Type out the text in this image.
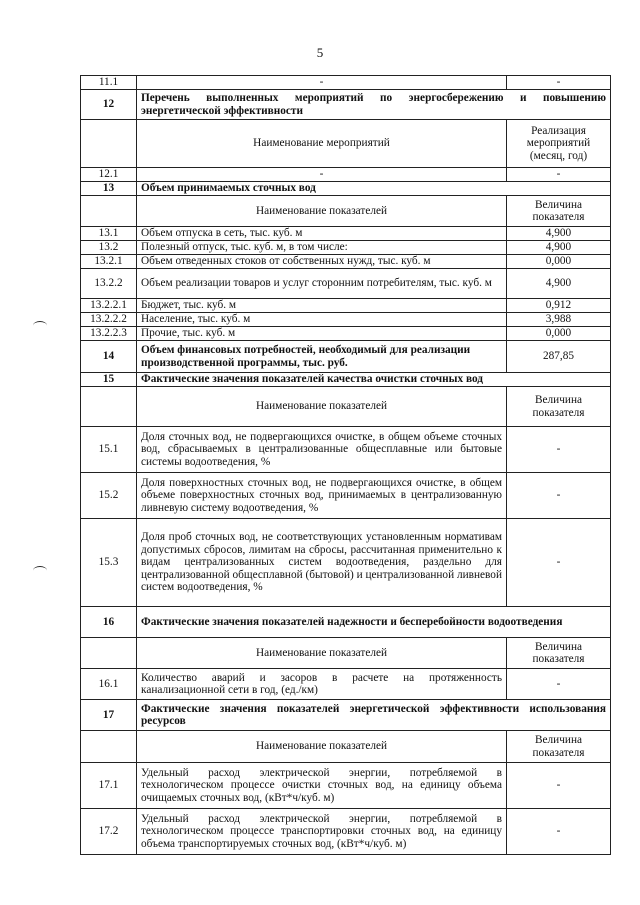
5
11.1	-	-
12	Перечень выполненных мероприятий по энергосбережению и повышению энергетической эффективности	
	Наименование мероприятий	Реализация мероприятий (месяц, год)
12.1	-	-
13	Объем принимаемых сточных вод	
	Наименование показателей	Величина показателя
13.1	Объем отпуска в сеть, тыс. куб. м	4,900
13.2	Полезный отпуск, тыс. куб. м, в том числе:	4,900
13.2.1	Объем отведенных стоков от собственных нужд, тыс. куб. м	0,000
13.2.2	Объем реализации товаров и услуг сторонним потребителям, тыс. куб. м	4,900
13.2.2.1	Бюджет, тыс. куб. м	0,912
13.2.2.2	Население, тыс. куб. м	3,988
13.2.2.3	Прочие, тыс. куб. м	0,000
14	Объем финансовых потребностей, необходимый для реализации производственной программы, тыс. руб.	287,85
15	Фактические значения показателей качества очистки сточных вод	
	Наименование показателей	Величина показателя
15.1	Доля сточных вод, не подвергающихся очистке, в общем объеме сточных вод, сбрасываемых в централизованные общесплавные или бытовые системы водоотведения, %	-
15.2	Доля поверхностных сточных вод, не подвергающихся очистке, в общем объеме поверхностных сточных вод, принимаемых в централизованную ливневую систему водоотведения, %	-
15.3	Доля проб сточных вод, не соответствующих установленным нормативам допустимых сбросов, лимитам на сбросы, рассчитанная применительно к видам централизованных систем водоотведения, раздельно для централизованной общесплавной (бытовой) и централизованной ливневой систем водоотведения, %	-
16	Фактические значения показателей надежности и бесперебойности водоотведения	
	Наименование показателей	Величина показателя
16.1	Количество аварий и засоров в расчете на протяженность канализационной сети в год, (ед./км)	-
17	Фактические значения показателей энергетической эффективности использования ресурсов	
	Наименование показателей	Величина показателя
17.1	Удельный расход электрической энергии, потребляемой в технологическом процессе очистки сточных вод, на единицу объема очищаемых сточных вод, (кВт*ч/куб. м)	-
17.2	Удельный расход электрической энергии, потребляемой в технологическом процессе транспортировки сточных вод, на единицу объема транспортируемых сточных вод, (кВт*ч/куб. м)	-
